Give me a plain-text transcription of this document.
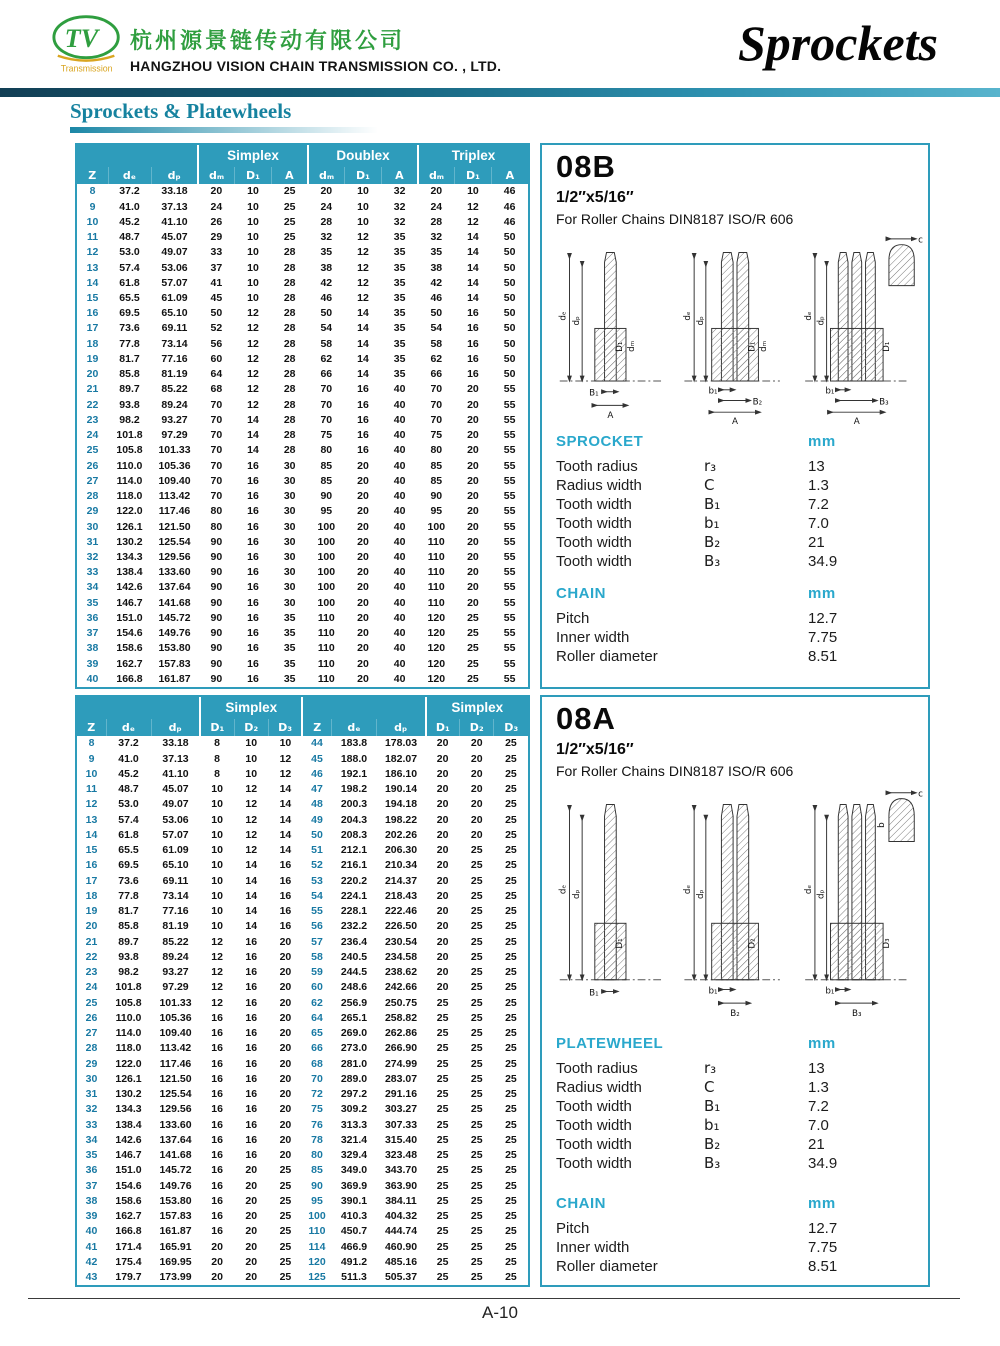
TV
Transmission
杭州源景链传动有限公司
HANGZHOU VISION CHAIN TRANSMISSION CO. , LTD.	Sprockets
Sprockets & Platewheels
			Simplex			Doublex			Triplex		
Z	dₑ	dₚ	dₘ	D₁	A	dₘ	D₁	A	dₘ	D₁	A
8	37.2	33.18	20	10	25	20	10	32	20	10	46
9	41.0	37.13	24	10	25	24	10	32	24	12	46
10	45.2	41.10	26	10	25	28	10	32	28	12	46
11	48.7	45.07	29	10	25	32	12	35	32	14	50
12	53.0	49.07	33	10	28	35	12	35	35	14	50
13	57.4	53.06	37	10	28	38	12	35	38	14	50
14	61.8	57.07	41	10	28	42	12	35	42	14	50
15	65.5	61.09	45	10	28	46	12	35	46	14	50
16	69.5	65.10	50	12	28	50	14	35	50	16	50
17	73.6	69.11	52	12	28	54	14	35	54	16	50
18	77.8	73.14	56	12	28	58	14	35	58	16	50
19	81.7	77.16	60	12	28	62	14	35	62	16	50
20	85.8	81.19	64	12	28	66	14	35	66	16	50
21	89.7	85.22	68	12	28	70	16	40	70	20	55
22	93.8	89.24	70	12	28	70	16	40	70	20	55
23	98.2	93.27	70	14	28	70	16	40	70	20	55
24	101.8	97.29	70	14	28	75	16	40	75	20	55
25	105.8	101.33	70	14	28	80	16	40	80	20	55
26	110.0	105.36	70	16	30	85	20	40	85	20	55
27	114.0	109.40	70	16	30	85	20	40	85	20	55
28	118.0	113.42	70	16	30	90	20	40	90	20	55
29	122.0	117.46	80	16	30	95	20	40	95	20	55
30	126.1	121.50	80	16	30	100	20	40	100	20	55
31	130.2	125.54	90	16	30	100	20	40	110	20	55
32	134.3	129.56	90	16	30	100	20	40	110	20	55
33	138.4	133.60	90	16	30	100	20	40	110	20	55
34	142.6	137.64	90	16	30	100	20	40	110	20	55
35	146.7	141.68	90	16	30	100	20	40	110	20	55
36	151.0	145.72	90	16	35	110	20	40	120	25	55
37	154.6	149.76	90	16	35	110	20	40	120	25	55
38	158.6	153.80	90	16	35	110	20	40	120	25	55
39	162.7	157.83	90	16	35	110	20	40	120	25	55
40	166.8	161.87	90	16	35	110	20	40	120	25	55
			Simplex						Simplex		
Z	dₑ	dₚ	D₁	D₂	D₃	Z	dₑ	dₚ	D₁	D₂	D₃
8	37.2	33.18	8	10	10	44	183.8	178.03	20	20	25
9	41.0	37.13	8	10	12	45	188.0	182.07	20	20	25
10	45.2	41.10	8	10	12	46	192.1	186.10	20	20	25
11	48.7	45.07	10	12	14	47	198.2	190.14	20	20	25
12	53.0	49.07	10	12	14	48	200.3	194.18	20	20	25
13	57.4	53.06	10	12	14	49	204.3	198.22	20	20	25
14	61.8	57.07	10	12	14	50	208.3	202.26	20	20	25
15	65.5	61.09	10	12	14	51	212.1	206.30	20	25	25
16	69.5	65.10	10	14	16	52	216.1	210.34	20	25	25
17	73.6	69.11	10	14	16	53	220.2	214.37	20	25	25
18	77.8	73.14	10	14	16	54	224.1	218.43	20	25	25
19	81.7	77.16	10	14	16	55	228.1	222.46	20	25	25
20	85.8	81.19	10	14	16	56	232.2	226.50	20	25	25
21	89.7	85.22	12	16	20	57	236.4	230.54	20	25	25
22	93.8	89.24	12	16	20	58	240.5	234.58	20	25	25
23	98.2	93.27	12	16	20	59	244.5	238.62	20	25	25
24	101.8	97.29	12	16	20	60	248.6	242.66	20	25	25
25	105.8	101.33	12	16	20	62	256.9	250.75	25	25	25
26	110.0	105.36	16	16	20	64	265.1	258.82	25	25	25
27	114.0	109.40	16	16	20	65	269.0	262.86	25	25	25
28	118.0	113.42	16	16	20	66	273.0	266.90	25	25	25
29	122.0	117.46	16	16	20	68	281.0	274.99	25	25	25
30	126.1	121.50	16	16	20	70	289.0	283.07	25	25	25
31	130.2	125.54	16	16	20	72	297.2	291.16	25	25	25
32	134.3	129.56	16	16	20	75	309.2	303.27	25	25	25
33	138.4	133.60	16	16	20	76	313.3	307.33	25	25	25
34	142.6	137.64	16	16	20	78	321.4	315.40	25	25	25
35	146.7	141.68	16	16	20	80	329.4	323.48	25	25	25
36	151.0	145.72	16	20	25	85	349.0	343.70	25	25	25
37	154.6	149.76	16	20	25	90	369.9	363.90	25	25	25
38	158.6	153.80	16	20	25	95	390.1	384.11	25	25	25
39	162.7	157.83	16	20	25	100	410.3	404.32	25	25	25
40	166.8	161.87	16	20	25	110	450.7	444.74	25	25	25
41	171.4	165.91	20	20	25	114	466.9	460.90	25	25	25
42	175.4	169.95	20	20	25	120	491.2	485.16	25	25	25
43	179.7	173.99	20	20	25	125	511.3	505.37	25	25	25
08B
1/2″x5/16″
For Roller Chains DIN8187 ISO/R 606
dₑ
dₚ
D₁ dₘ
B₁
A
dₑ
dₚ
D₁ dₘ
b₁
B₂
A
dₑ
dₚ
D₁
b₁
B₃
A
c
SPROCKET	mm
Tooth radius	r₃	13
Radius width	C	1.3
Tooth width	B₁	7.2
Tooth width	b₁	7.0
Tooth width	B₂	21
Tooth width	B₃	34.9
CHAIN	mm
Pitch	12.7
Inner width	7.75
Roller diameter	8.51
08A
1/2″x5/16″
For Roller Chains DIN8187 ISO/R 606
dₑ
dₚ
D₁
B₁
dₑ
dₚ
D₂
b₁
B₂
dₑ
dₚ
D₃
b₁
B₃
c
b
PLATEWHEEL	mm
Tooth radius	r₃	13
Radius width	C	1.3
Tooth width	B₁	7.2
Tooth width	b₁	7.0
Tooth width	B₂	21
Tooth width	B₃	34.9
CHAIN	mm
Pitch	12.7
Inner width	7.75
Roller diameter	8.51
A-10
